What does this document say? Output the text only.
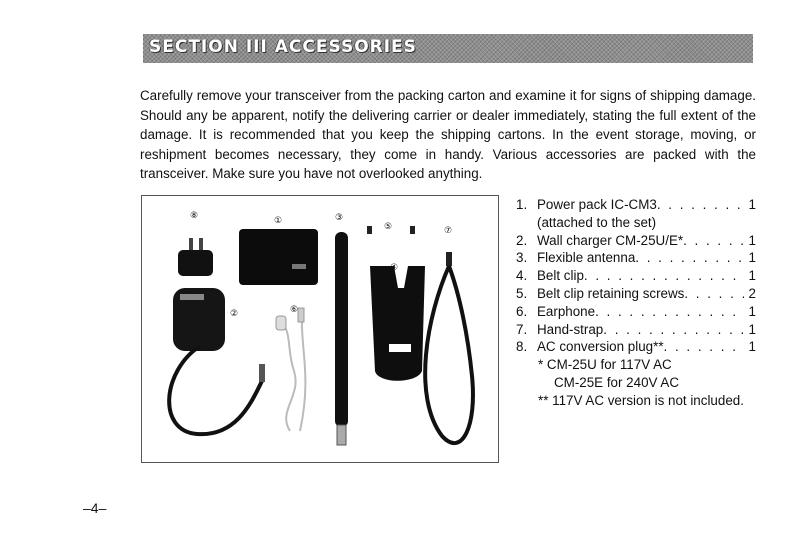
SECTION III ACCESSORIES

Carefully remove your transceiver from the packing carton and examine it for signs of shipping damage. Should any be apparent, notify the delivering carrier or dealer immediately, stating the full extent of the damage. It is recommended that you keep the shipping cartons. In the event storage, moving, or reshipment becomes necessary, they come in handy. Various accessories are packed with the transceiver. Make sure you have not overlooked anything.

⑧	①	③
⑤	⑦
④
⑥
②
1. Power pack IC-CM3 . . .	1
(attached to the set)
2. Wall charger CM-25U/E* . . .	1
3. Flexible antenna . . .	1
4. Belt clip . . .	1
5. Belt clip retaining screws . . .	2
6. Earphone . . .	1
7. Hand-strap . . .	1
8. AC conversion plug** . . .	1
* CM-25U for 117V AC
CM-25E for 240V AC
** 117V AC version is not included.
–4–
